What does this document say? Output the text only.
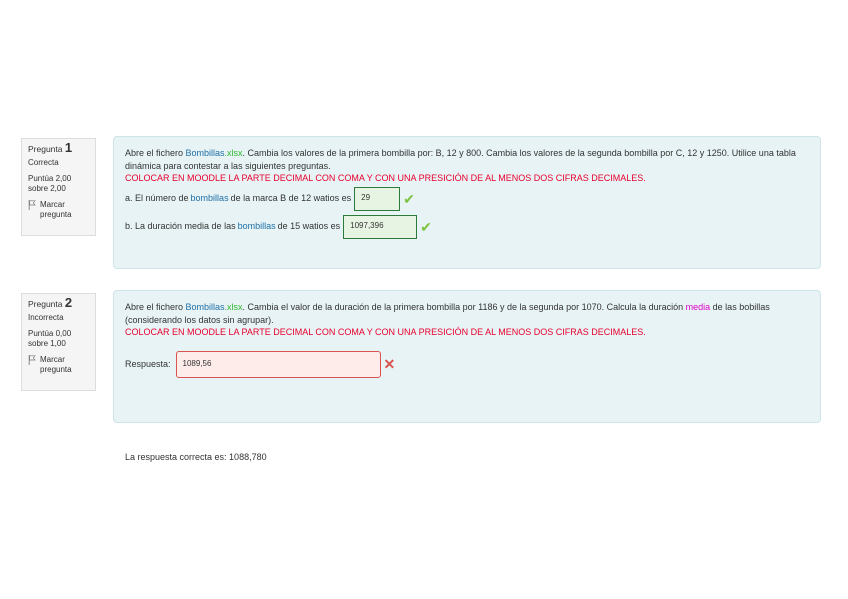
Pregunta 1
Correcta
Puntúa 2,00
sobre 2,00
Marcar
pregunta
Abre el fichero Bombillas.xlsx. Cambia los valores de la primera bombilla por: B, 12 y 800. Cambia los valores de la segunda bombilla por C, 12 y 1250. Utilice una tabla dinámica para contestar a las siguientes preguntas.
COLOCAR EN MOODLE LA PARTE DECIMAL CON COMA Y CON UNA PRESICIÓN DE AL MENOS DOS CIFRAS DECIMALES.
a. El número de bombillas de la marca B de 12 watios es	29	✔
b. La duración media de las bombillas de 15 watios es	1097,396	✔
Pregunta 2
Incorrecta
Puntúa 0,00
sobre 1,00
Marcar
pregunta
Abre el fichero Bombillas.xlsx. Cambia el valor de la duración de la primera bombilla por 1186 y de la segunda por 1070. Calcula la duración media de las bobillas (considerando los datos sin agrupar).
COLOCAR EN MOODLE LA PARTE DECIMAL CON COMA Y CON UNA PRESICIÓN DE AL MENOS DOS CIFRAS DECIMALES.
Respuesta:	1089,56	✕
La respuesta correcta es: 1088,780
